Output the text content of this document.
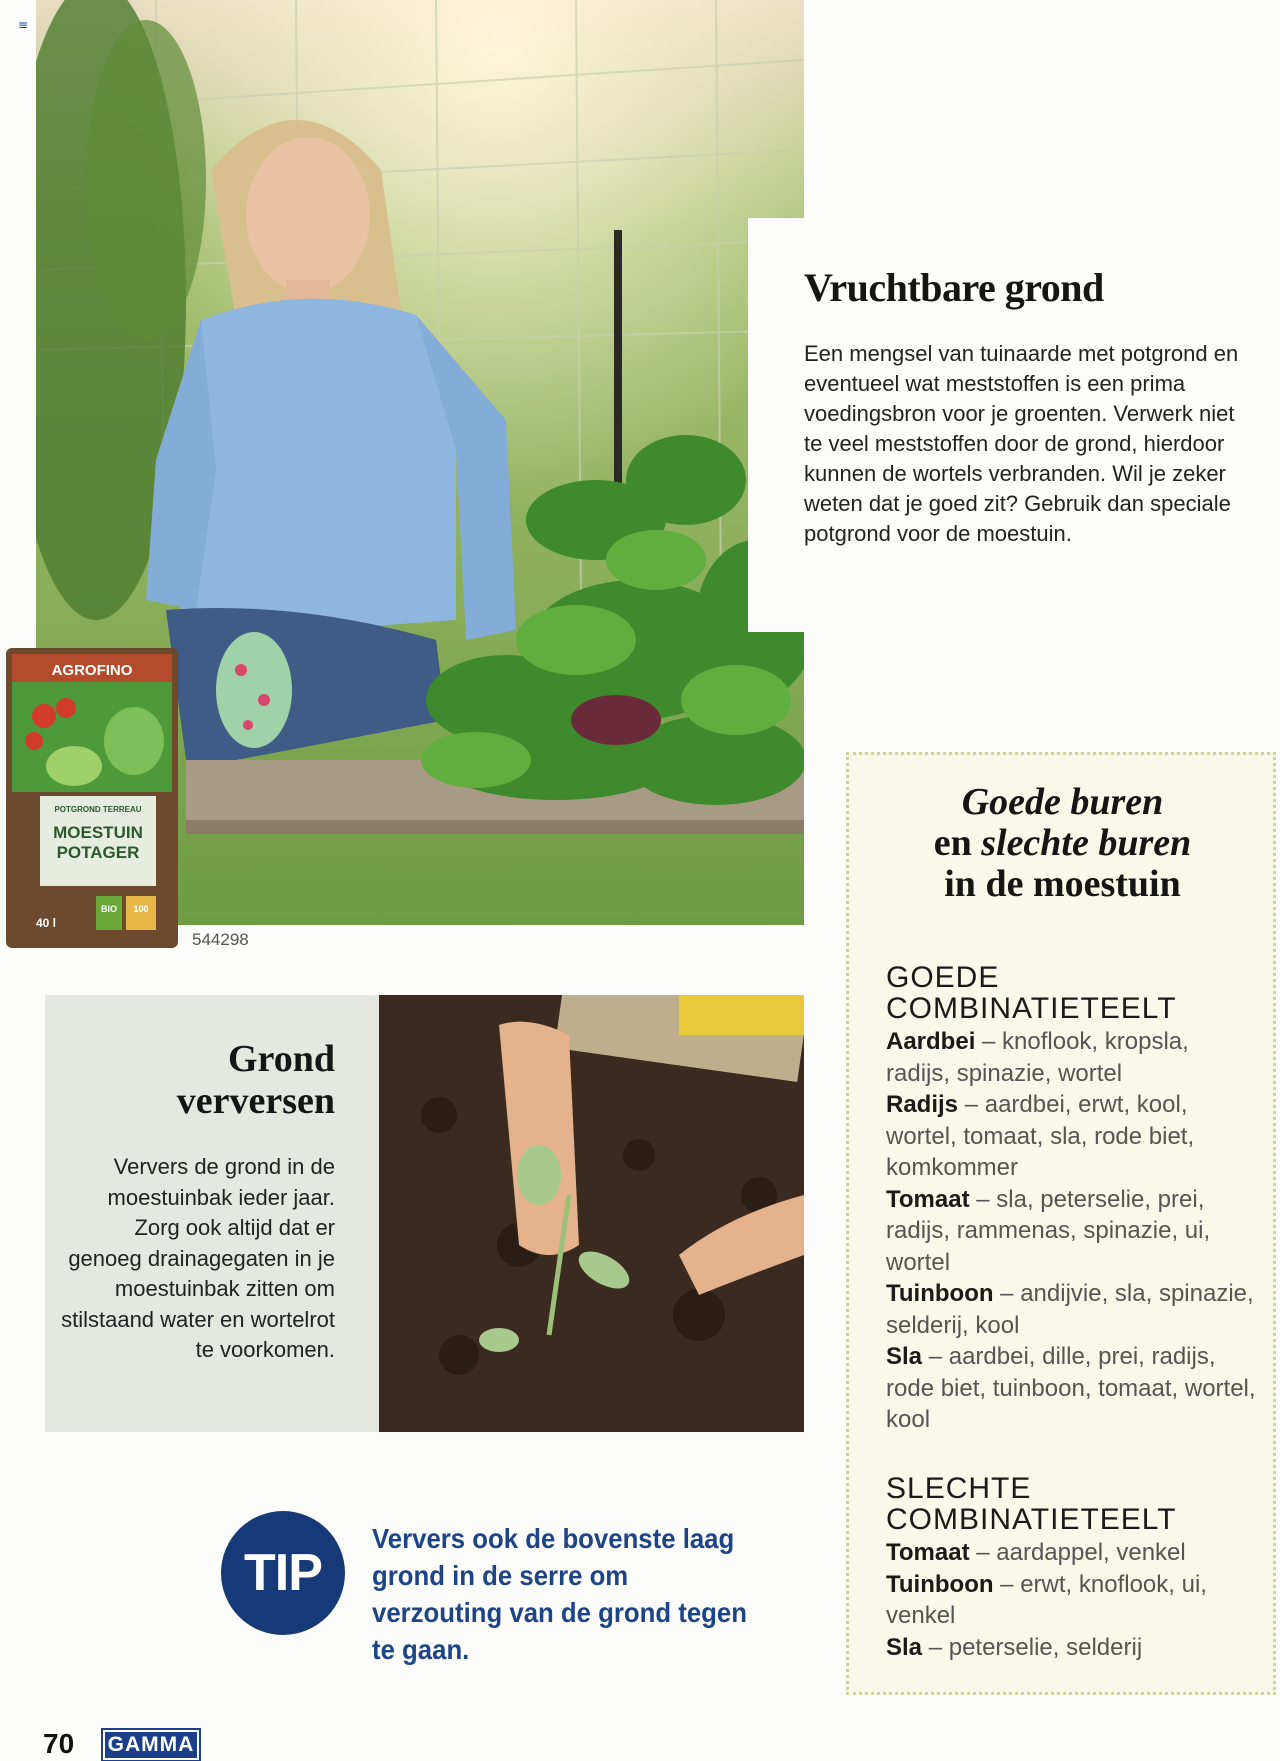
≡
AGROFINO
POTGROND TERREAU
MOESTUIN
POTAGER
BIO 100
40 l
544298
Vruchtbare grond
Een mengsel van tuinaarde met potgrond en eventueel wat meststoffen is een prima voedingsbron voor je groenten. Verwerk niet te veel meststoffen door de grond, hierdoor kunnen de wortels verbranden. Wil je zeker weten dat je goed zit? Gebruik dan speciale potgrond voor de moestuin.
Grond
verversen
Ververs de grond in de moestuinbak ieder jaar. Zorg ook altijd dat er genoeg drainagegaten in je moestuinbak zitten om stilstaand water en wortelrot te voorkomen.
Goede buren
en slechte buren
in de moestuin
GOEDE
COMBINATIETEELT
Aardbei – knoflook, kropsla, radijs, spinazie, wortel
Radijs – aardbei, erwt, kool, wortel, tomaat, sla, rode biet, komkommer
Tomaat – sla, peterselie, prei, radijs, rammenas, spinazie, ui, wortel
Tuinboon – andijvie, sla, spinazie, selderij, kool
Sla – aardbei, dille, prei, radijs, rode biet, tuinboon, tomaat, wortel, kool
SLECHTE
COMBINATIETEELT
Tomaat – aardappel, venkel
Tuinboon – erwt, knoflook, ui, venkel
Sla – peterselie, selderij
TIP
Ververs ook de bovenste laag grond in de serre om verzouting van de grond tegen te gaan.
70 GAMMA
